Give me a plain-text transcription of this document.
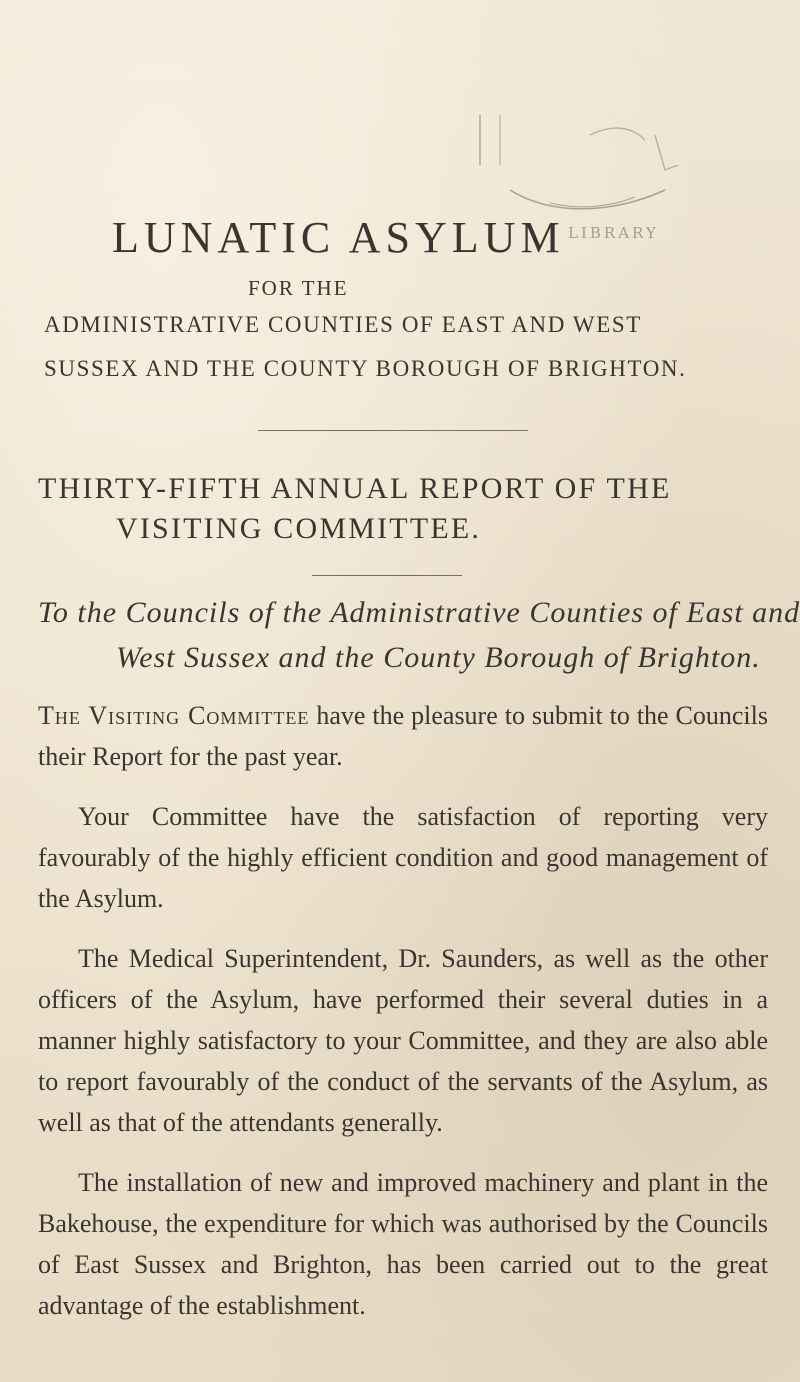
LIBRARY
LUNATIC ASYLUM
FOR THE
ADMINISTRATIVE COUNTIES OF EAST AND WEST
SUSSEX AND THE COUNTY BOROUGH OF BRIGHTON.
THIRTY-FIFTH ANNUAL REPORT OF THE
VISITING COMMITTEE.
To the Councils of the Administrative Counties of East and
West Sussex and the County Borough of Brighton.

The Visiting Committee have the pleasure to submit to the Councils their Report for the past year.

Your Committee have the satisfaction of reporting very favourably of the highly efficient condition and good management of the Asylum.

The Medical Superintendent, Dr. Saunders, as well as the other officers of the Asylum, have performed their several duties in a manner highly satisfactory to your Committee, and they are also able to report favourably of the conduct of the servants of the Asylum, as well as that of the attendants generally.

The installation of new and improved machinery and plant in the Bakehouse, the expenditure for which was authorised by the Councils of East Sussex and Brighton, has been carried out to the great advantage of the establishment.
